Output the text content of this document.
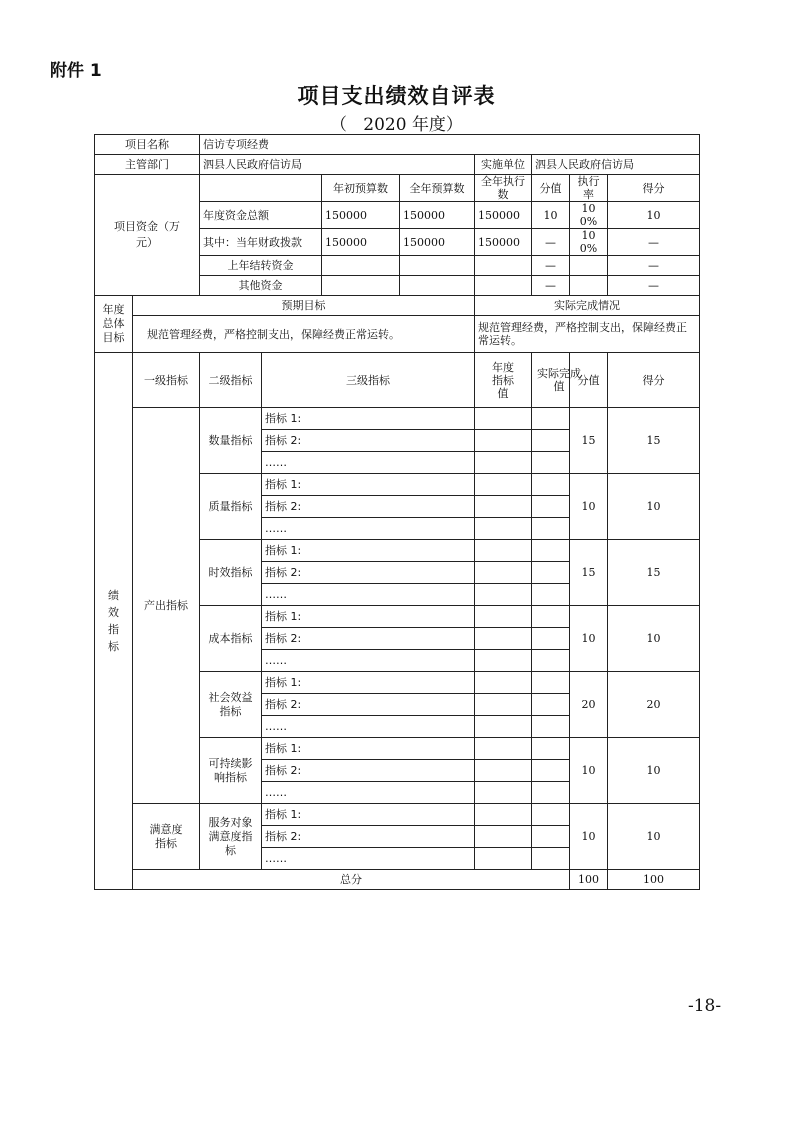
附件 1
项目支出绩效自评表
（ 2020 年度）
项目名称		信访专项经费								
主管部门		泗县人民政府信访局				实施单位	泗县人民政府信访局			

项目资金（万元）				年初预算数	全年预算数	全年执行数	分值	执行率	得分	
		年度资金总额		150000	150000	150000	10	100%	10	
		其中：当年财政拨款		150000	150000	150000	—	100%	—	
		上年结转资金					—		—	
		其他资金					—		—	

年度总体目标	预期目标					实际完成情况				
	规范管理经费，严格控制支出，保障经费正常运转。					规范管理经费，严格控制支出，保障经费正常运转。				

绩效指标	一级指标	二级指标	三级指标			年度指标值	实际完成值	分值	得分	

	产出指标	数量指标	指标 1:					15	15	
			指标 2:							
			……							

		质量指标	指标 1:					10	10	
			指标 2:							
			……							

		时效指标	指标 1:					15	15	
			指标 2:							
			……							

		成本指标	指标 1:					10	10	
			指标 2:							
			……							

		社会效益指标	指标 1:					20	20	
			指标 2:							
			……							

		可持续影响指标	指标 1:					10	10	
			指标 2:							
			……							

	满意度指标	服务对象满意度指标	指标 1:					10	10	
			指标 2:							
			……							
	总分							100	100	
-18-
